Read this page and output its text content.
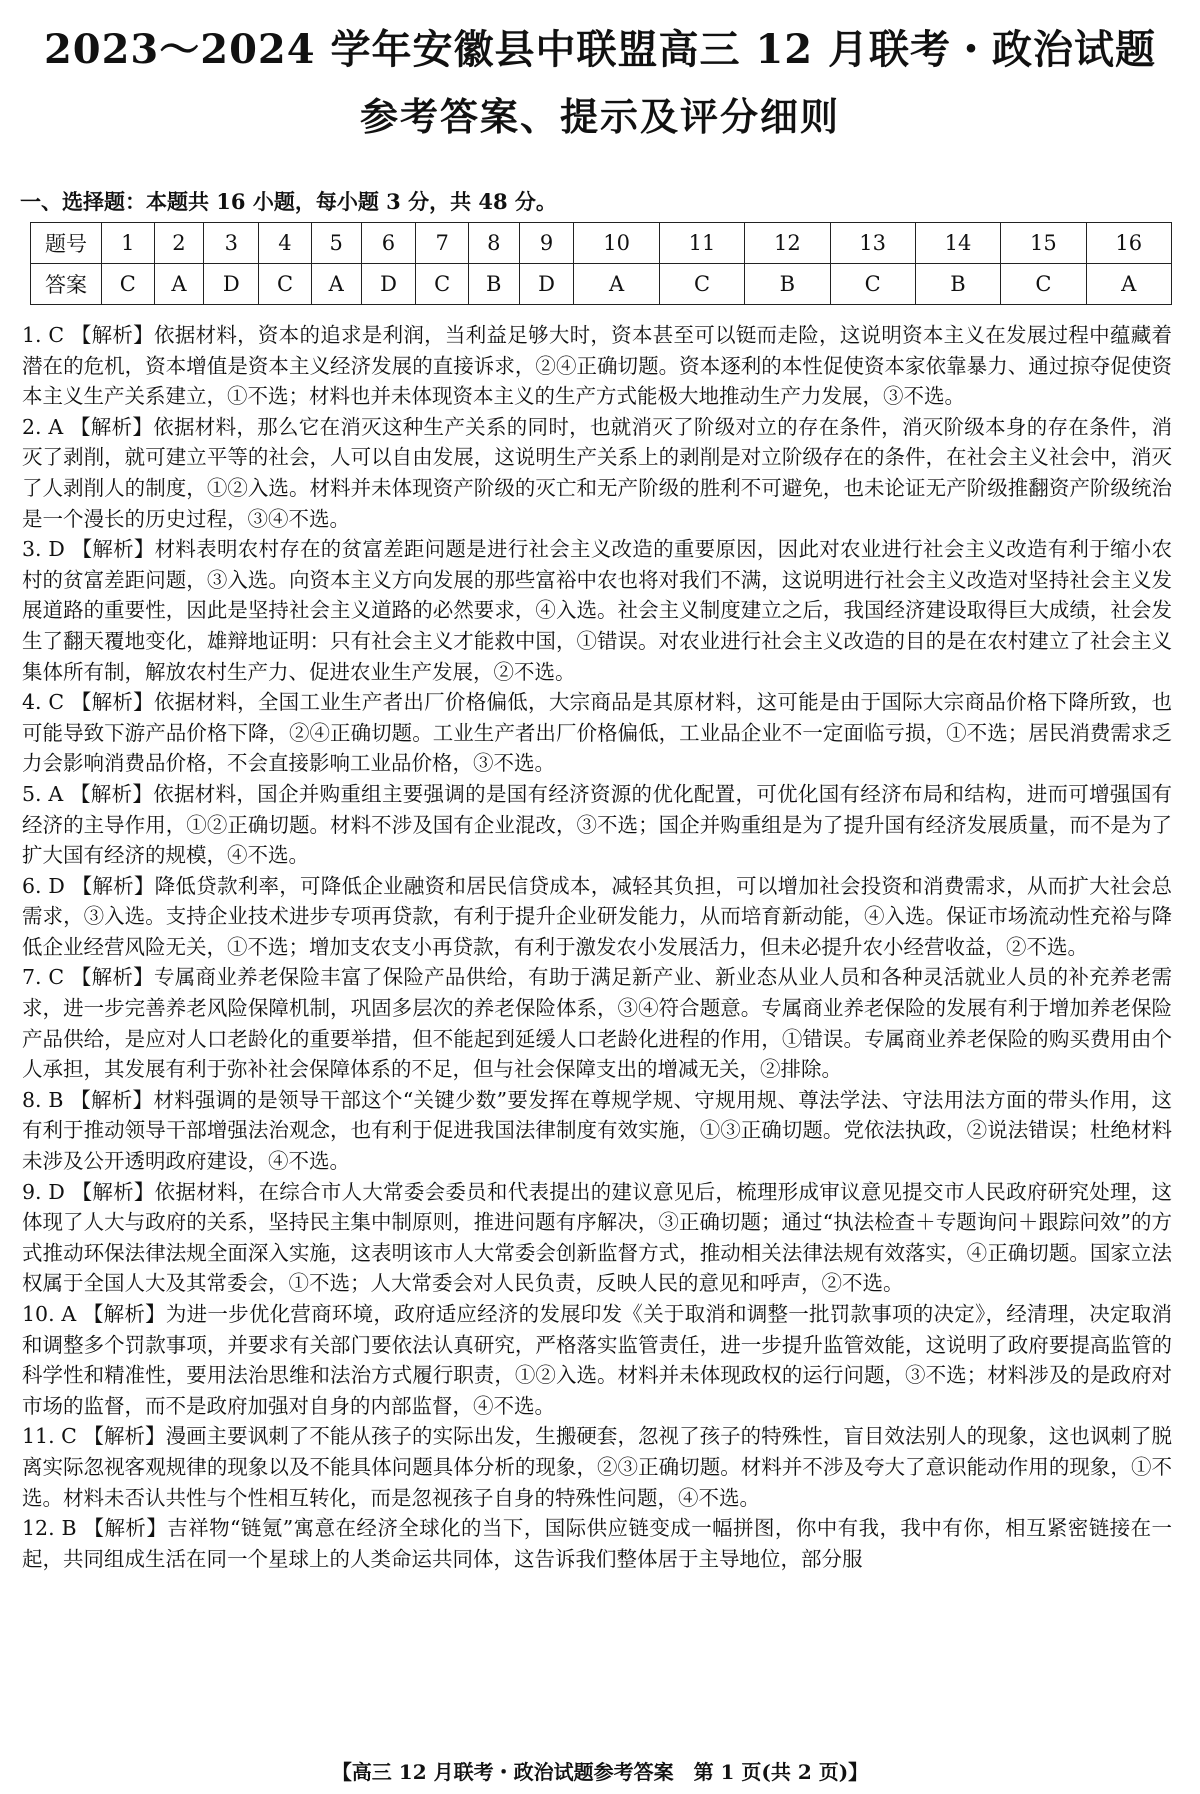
2023～2024 学年安徽县中联盟高三 12 月联考・政治试题
参考答案、提示及评分细则
一、选择题：本题共 16 小题，每小题 3 分，共 48 分。
题号	1	2	3	4	5	6	7	8	9	10	11	12	13	14	15	16
答案	C	A	D	C	A	D	C	B	D	A	C	B	C	B	C	A

1. C 【解析】依据材料，资本的追求是利润，当利益足够大时，资本甚至可以铤而走险，这说明资本主义在发展过程中蕴藏着潜在的危机，资本增值是资本主义经济发展的直接诉求，②④正确切题。资本逐利的本性促使资本家依靠暴力、通过掠夺促使资本主义生产关系建立，①不选；材料也并未体现资本主义的生产方式能极大地推动生产力发展，③不选。

2. A 【解析】依据材料，那么它在消灭这种生产关系的同时，也就消灭了阶级对立的存在条件，消灭阶级本身的存在条件，消灭了剥削，就可建立平等的社会，人可以自由发展，这说明生产关系上的剥削是对立阶级存在的条件，在社会主义社会中，消灭了人剥削人的制度，①②入选。材料并未体现资产阶级的灭亡和无产阶级的胜利不可避免，也未论证无产阶级推翻资产阶级统治是一个漫长的历史过程，③④不选。

3. D 【解析】材料表明农村存在的贫富差距问题是进行社会主义改造的重要原因，因此对农业进行社会主义改造有利于缩小农村的贫富差距问题，③入选。向资本主义方向发展的那些富裕中农也将对我们不满，这说明进行社会主义改造对坚持社会主义发展道路的重要性，因此是坚持社会主义道路的必然要求，④入选。社会主义制度建立之后，我国经济建设取得巨大成绩，社会发生了翻天覆地变化，雄辩地证明：只有社会主义才能救中国，①错误。对农业进行社会主义改造的目的是在农村建立了社会主义集体所有制，解放农村生产力、促进农业生产发展，②不选。

4. C 【解析】依据材料，全国工业生产者出厂价格偏低，大宗商品是其原材料，这可能是由于国际大宗商品价格下降所致，也可能导致下游产品价格下降，②④正确切题。工业生产者出厂价格偏低，工业品企业不一定面临亏损，①不选；居民消费需求乏力会影响消费品价格，不会直接影响工业品价格，③不选。

5. A 【解析】依据材料，国企并购重组主要强调的是国有经济资源的优化配置，可优化国有经济布局和结构，进而可增强国有经济的主导作用，①②正确切题。材料不涉及国有企业混改，③不选；国企并购重组是为了提升国有经济发展质量，而不是为了扩大国有经济的规模，④不选。

6. D 【解析】降低贷款利率，可降低企业融资和居民信贷成本，减轻其负担，可以增加社会投资和消费需求，从而扩大社会总需求，③入选。支持企业技术进步专项再贷款，有利于提升企业研发能力，从而培育新动能，④入选。保证市场流动性充裕与降低企业经营风险无关，①不选；增加支农支小再贷款，有利于激发农小发展活力，但未必提升农小经营收益，②不选。

7. C 【解析】专属商业养老保险丰富了保险产品供给，有助于满足新产业、新业态从业人员和各种灵活就业人员的补充养老需求，进一步完善养老风险保障机制，巩固多层次的养老保险体系，③④符合题意。专属商业养老保险的发展有利于增加养老保险产品供给，是应对人口老龄化的重要举措，但不能起到延缓人口老龄化进程的作用，①错误。专属商业养老保险的购买费用由个人承担，其发展有利于弥补社会保障体系的不足，但与社会保障支出的增减无关，②排除。

8. B 【解析】材料强调的是领导干部这个“关键少数”要发挥在尊规学规、守规用规、尊法学法、守法用法方面的带头作用，这有利于推动领导干部增强法治观念，也有利于促进我国法律制度有效实施，①③正确切题。党依法执政，②说法错误；杜绝材料未涉及公开透明政府建设，④不选。

9. D 【解析】依据材料，在综合市人大常委会委员和代表提出的建议意见后，梳理形成审议意见提交市人民政府研究处理，这体现了人大与政府的关系，坚持民主集中制原则，推进问题有序解决，③正确切题；通过“执法检查＋专题询问＋跟踪问效”的方式推动环保法律法规全面深入实施，这表明该市人大常委会创新监督方式，推动相关法律法规有效落实，④正确切题。国家立法权属于全国人大及其常委会，①不选；人大常委会对人民负责，反映人民的意见和呼声，②不选。

10. A 【解析】为进一步优化营商环境，政府适应经济的发展印发《关于取消和调整一批罚款事项的决定》，经清理，决定取消和调整多个罚款事项，并要求有关部门要依法认真研究，严格落实监管责任，进一步提升监管效能，这说明了政府要提高监管的科学性和精准性，要用法治思维和法治方式履行职责，①②入选。材料并未体现政权的运行问题，③不选；材料涉及的是政府对市场的监督，而不是政府加强对自身的内部监督，④不选。

11. C 【解析】漫画主要讽刺了不能从孩子的实际出发，生搬硬套，忽视了孩子的特殊性，盲目效法别人的现象，这也讽刺了脱离实际忽视客观规律的现象以及不能具体问题具体分析的现象，②③正确切题。材料并不涉及夸大了意识能动作用的现象，①不选。材料未否认共性与个性相互转化，而是忽视孩子自身的特殊性问题，④不选。

12. B 【解析】吉祥物“链氪”寓意在经济全球化的当下，国际供应链变成一幅拼图，你中有我，我中有你，相互紧密链接在一起，共同组成生活在同一个星球上的人类命运共同体，这告诉我们整体居于主导地位，部分服

【高三 12 月联考・政治试题参考答案　第 1 页(共 2 页)】
